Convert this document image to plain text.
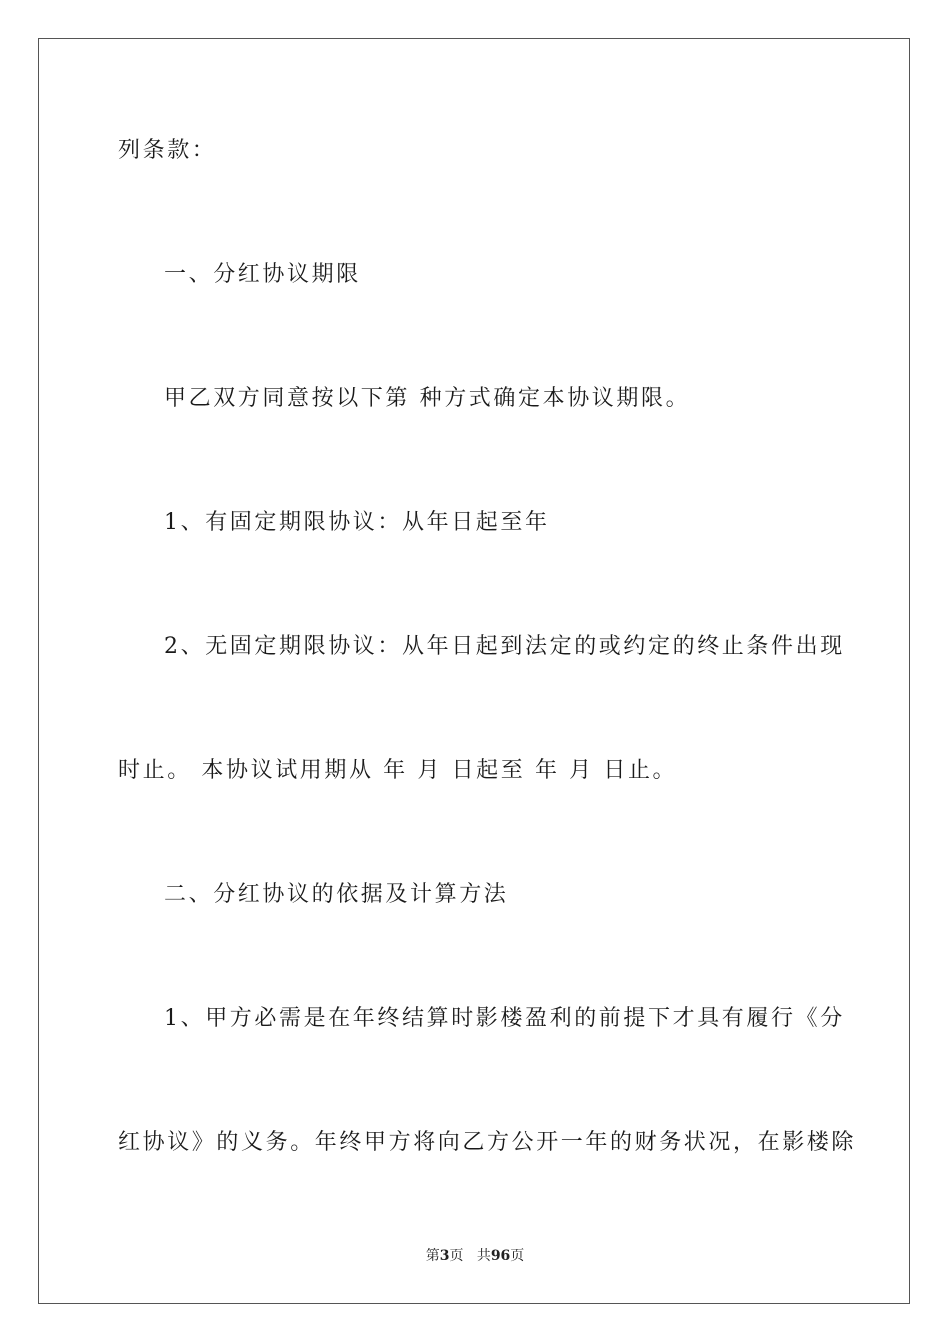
列条款：
一、分红协议期限
甲乙双方同意按以下第 种方式确定本协议期限。
1、有固定期限协议：从年日起至年
2、无固定期限协议：从年日起到法定的或约定的终止条件出现
时止。 本协议试用期从 年 月 日起至 年 月 日止。
二、分红协议的依据及计算方法
1、甲方必需是在年终结算时影楼盈利的前提下才具有履行《分
红协议》的义务。年终甲方将向乙方公开一年的财务状况，在影楼除
第3页 共96页
